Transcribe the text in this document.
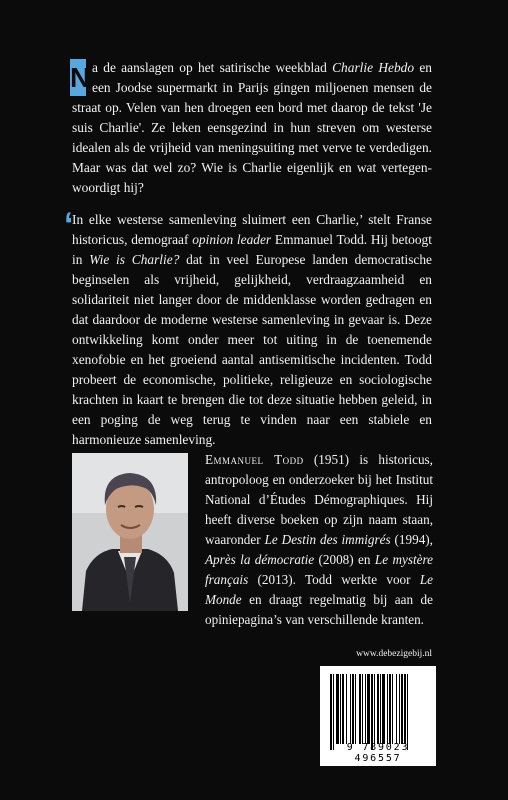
N a de aanslagen op het satirische weekblad Charlie Hebdo en een Joodse supermarkt in Parijs gingen miljoenen mensen de straat op. Velen van hen droegen een bord met daarop de tekst 'Je suis Charlie'. Ze leken eensgezind in hun streven om westerse idealen als de vrijheid van meningsuiting met verve te verdedigen. Maar was dat wel zo? Wie is Charlie eigenlijk en wat vertegenwoordigt hij?

‘

In elke westerse samenleving sluimert een Charlie,’ stelt Franse historicus, demograaf opinion leader Emmanuel Todd. Hij betoogt in Wie is Charlie? dat in veel Europese landen democratische beginselen als vrijheid, gelijkheid, verdraagzaamheid en solidariteit niet langer door de middenklasse worden gedragen en dat daardoor de moderne westerse samenleving in gevaar is. Deze ontwikkeling komt onder meer tot uiting in de toenemende xenofobie en het groeiend aantal antisemitische incidenten. Todd probeert de economische, politieke, religieuze en sociologische krachten in kaart te brengen die tot deze situatie hebben geleid, in een poging de weg terug te vinden naar een stabiele en harmonieuze samenleving.

Emmanuel Todd (1951) is historicus, antropoloog en onderzoeker bij het Institut National d’Études Démographiques. Hij heeft diverse boeken op zijn naam staan, waaronder Le Destin des immigrés (1994), Après la démocratie (2008) en Le mystère français (2013). Todd werkte voor Le Monde en draagt regelmatig bij aan de opiniepagina’s van verschillende kranten.

www.debezigebij.nl
9 789023 496557
